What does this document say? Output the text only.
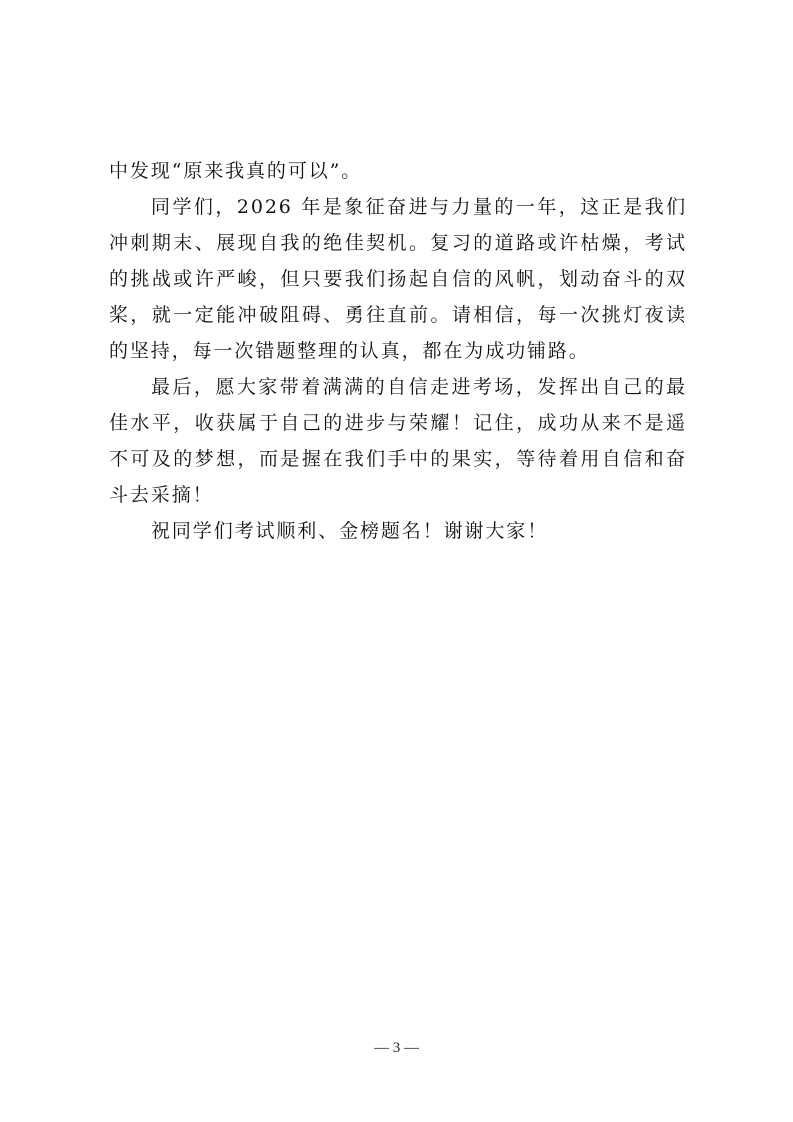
中发现“原来我真的可以”。

同学们，2026 年是象征奋进与力量的一年，这正是我们冲刺期末、展现自我的绝佳契机。复习的道路或许枯燥，考试的挑战或许严峻，但只要我们扬起自信的风帆，划动奋斗的双桨，就一定能冲破阻碍、勇往直前。请相信，每一次挑灯夜读的坚持，每一次错题整理的认真，都在为成功铺路。

最后，愿大家带着满满的自信走进考场，发挥出自己的最佳水平，收获属于自己的进步与荣耀！记住，成功从来不是遥不可及的梦想，而是握在我们手中的果实，等待着用自信和奋斗去采摘！

祝同学们考试顺利、金榜题名！谢谢大家！

— 3 —
